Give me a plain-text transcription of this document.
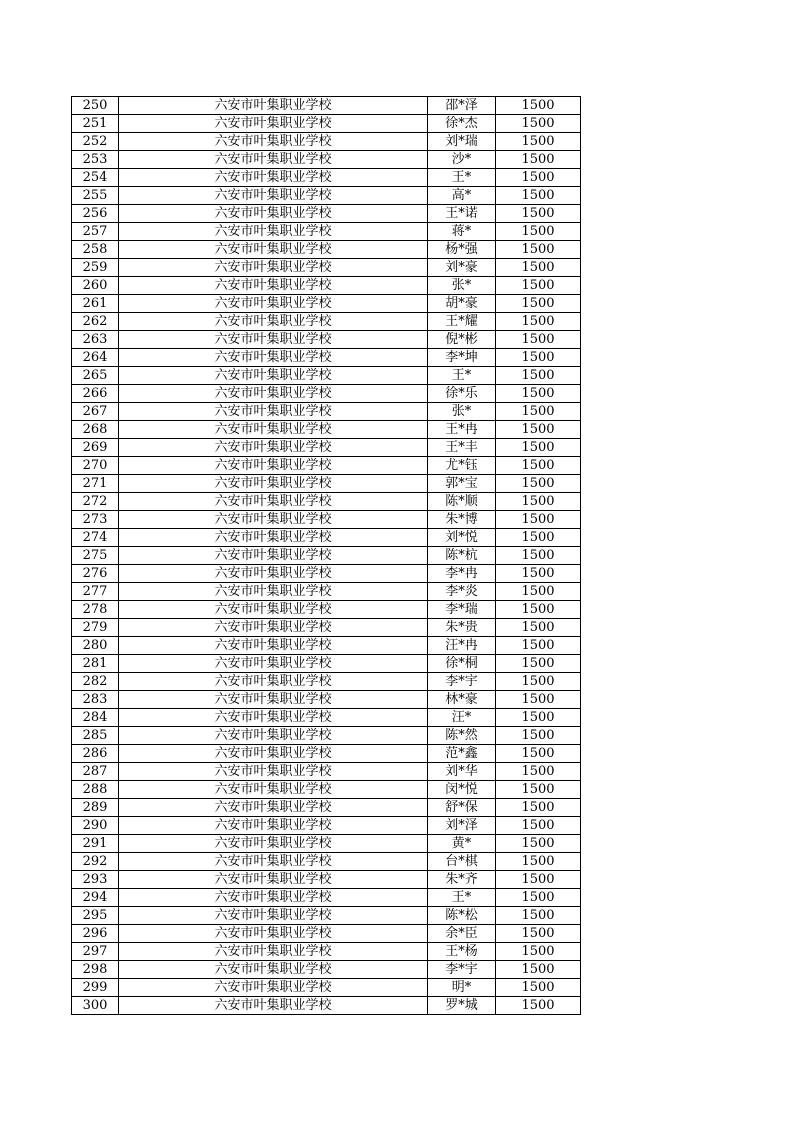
250	六安市叶集职业学校	邵*泽	1500
251	六安市叶集职业学校	徐*杰	1500
252	六安市叶集职业学校	刘*瑞	1500
253	六安市叶集职业学校	沙*	1500
254	六安市叶集职业学校	王*	1500
255	六安市叶集职业学校	高*	1500
256	六安市叶集职业学校	王*诺	1500
257	六安市叶集职业学校	蒋*	1500
258	六安市叶集职业学校	杨*强	1500
259	六安市叶集职业学校	刘*豪	1500
260	六安市叶集职业学校	张*	1500
261	六安市叶集职业学校	胡*豪	1500
262	六安市叶集职业学校	王*耀	1500
263	六安市叶集职业学校	倪*彬	1500
264	六安市叶集职业学校	李*坤	1500
265	六安市叶集职业学校	王*	1500
266	六安市叶集职业学校	徐*乐	1500
267	六安市叶集职业学校	张*	1500
268	六安市叶集职业学校	王*冉	1500
269	六安市叶集职业学校	王*丰	1500
270	六安市叶集职业学校	尤*钰	1500
271	六安市叶集职业学校	郭*宝	1500
272	六安市叶集职业学校	陈*顺	1500
273	六安市叶集职业学校	朱*博	1500
274	六安市叶集职业学校	刘*悦	1500
275	六安市叶集职业学校	陈*杭	1500
276	六安市叶集职业学校	李*冉	1500
277	六安市叶集职业学校	李*炎	1500
278	六安市叶集职业学校	李*瑞	1500
279	六安市叶集职业学校	朱*贵	1500
280	六安市叶集职业学校	汪*冉	1500
281	六安市叶集职业学校	徐*桐	1500
282	六安市叶集职业学校	李*宇	1500
283	六安市叶集职业学校	林*豪	1500
284	六安市叶集职业学校	汪*	1500
285	六安市叶集职业学校	陈*然	1500
286	六安市叶集职业学校	范*鑫	1500
287	六安市叶集职业学校	刘*华	1500
288	六安市叶集职业学校	闵*悦	1500
289	六安市叶集职业学校	舒*保	1500
290	六安市叶集职业学校	刘*泽	1500
291	六安市叶集职业学校	黄*	1500
292	六安市叶集职业学校	台*棋	1500
293	六安市叶集职业学校	朱*齐	1500
294	六安市叶集职业学校	王*	1500
295	六安市叶集职业学校	陈*松	1500
296	六安市叶集职业学校	余*臣	1500
297	六安市叶集职业学校	王*杨	1500
298	六安市叶集职业学校	李*宇	1500
299	六安市叶集职业学校	明*	1500
300	六安市叶集职业学校	罗*城	1500
